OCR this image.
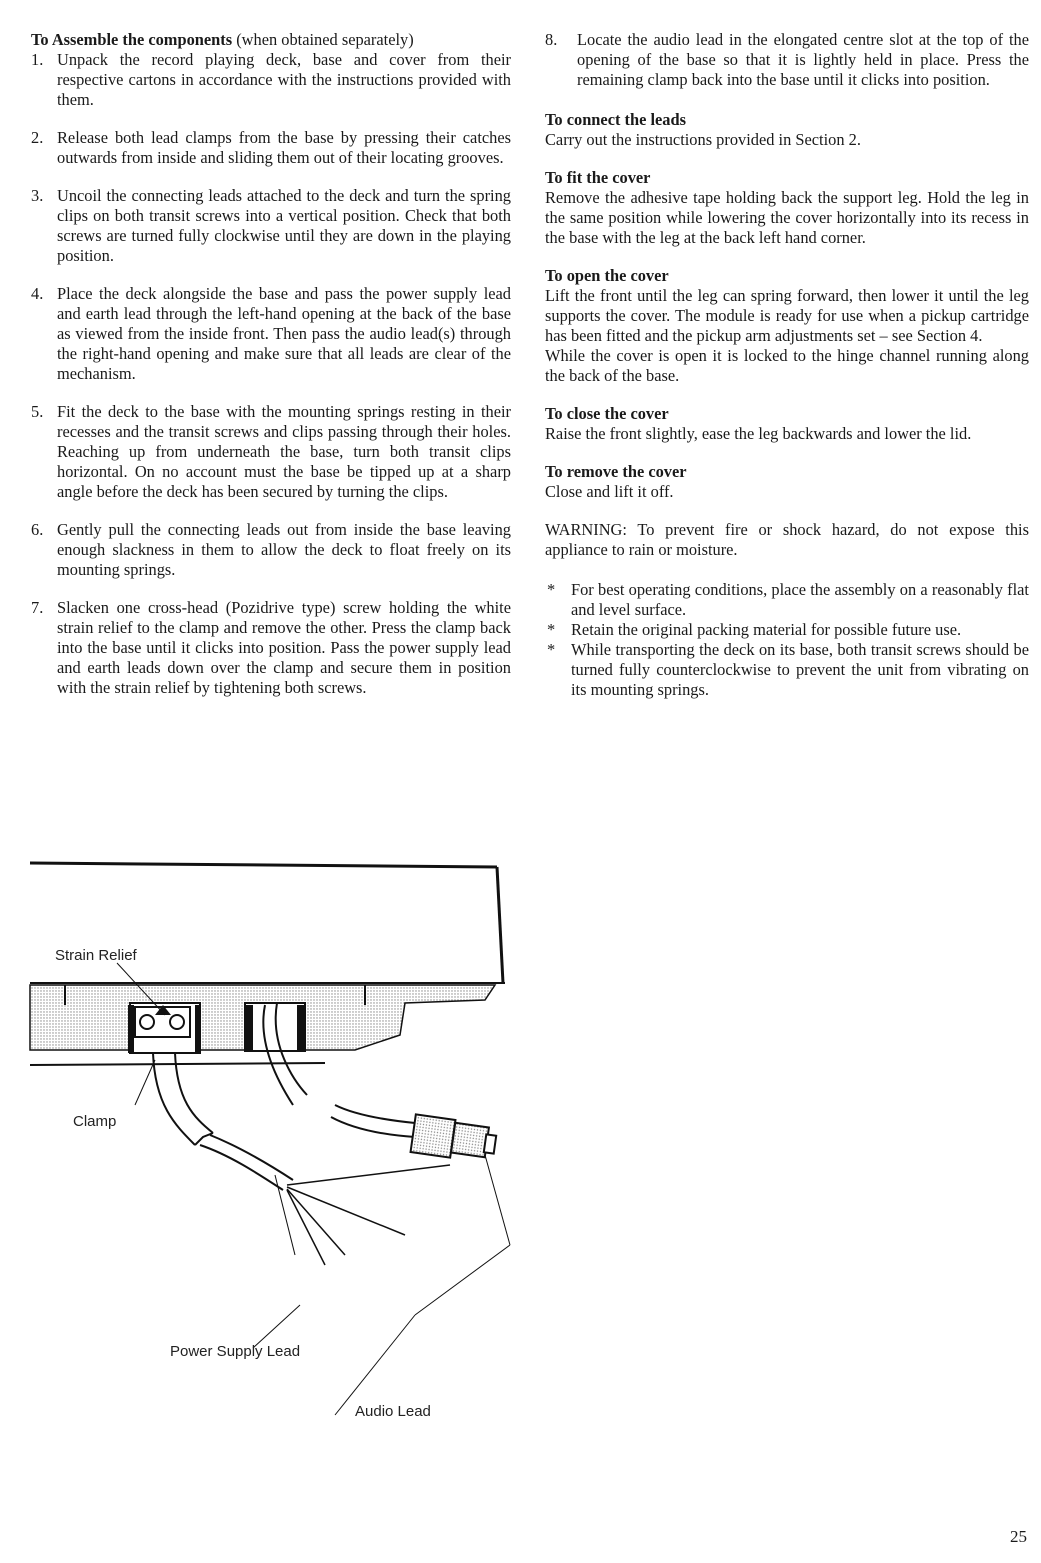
To Assemble the components (when obtained separately)

1. Unpack the record playing deck, base and cover from their respective cartons in accordance with the instructions provided with them.
2. Release both lead clamps from the base by pressing their catches outwards from inside and sliding them out of their locating grooves.
3. Uncoil the connecting leads attached to the deck and turn the spring clips on both transit screws into a vertical position. Check that both screws are turned fully clockwise until they are down in the playing position.
4. Place the deck alongside the base and pass the power supply lead and earth lead through the left-hand opening at the back of the base as viewed from the inside front. Then pass the audio lead(s) through the right-hand opening and make sure that all leads are clear of the mechanism.
5. Fit the deck to the base with the mounting springs resting in their recesses and the transit screws and clips passing through their holes. Reaching up from underneath the base, turn both transit clips horizontal. On no account must the base be tipped up at a sharp angle before the deck has been secured by turning the clips.
6. Gently pull the connecting leads out from inside the base leaving enough slackness in them to allow the deck to float freely on its mounting springs.
7. Slacken one cross-head (Pozidrive type) screw holding the white strain relief to the clamp and remove the other. Press the clamp back into the base until it clicks into position. Pass the power supply lead and earth leads down over the clamp and secure them in position with the strain relief by tightening both screws.
8.	Locate the audio lead in the elongated centre slot at the top of the opening of the base so that it is lightly held in place. Press the remaining clamp back into the base until it clicks into position.

To connect the leads

Carry out the instructions provided in Section 2.

To fit the cover

Remove the adhesive tape holding back the support leg. Hold the leg in the same position while lowering the cover horizontally into its recess in the base with the leg at the back left hand corner.

To open the cover

Lift the front until the leg can spring forward, then lower it until the leg supports the cover. The module is ready for use when a pickup cartridge has been fitted and the pickup arm adjustments set – see Section 4.

While the cover is open it is locked to the hinge channel running along the back of the base.

To close the cover

Raise the front slightly, ease the leg backwards and lower the lid.

To remove the cover

Close and lift it off.

WARNING: To prevent fire or shock hazard, do not expose this appliance to rain or moisture.

* For best operating conditions, place the assembly on a reasonably flat and level surface.
* Retain the original packing material for possible future use.
* While transporting the deck on its base, both transit screws should be turned fully counterclockwise to prevent the unit from vibrating on its mounting springs.
Strain Relief
Clamp
Power Supply Lead
Audio Lead
25
